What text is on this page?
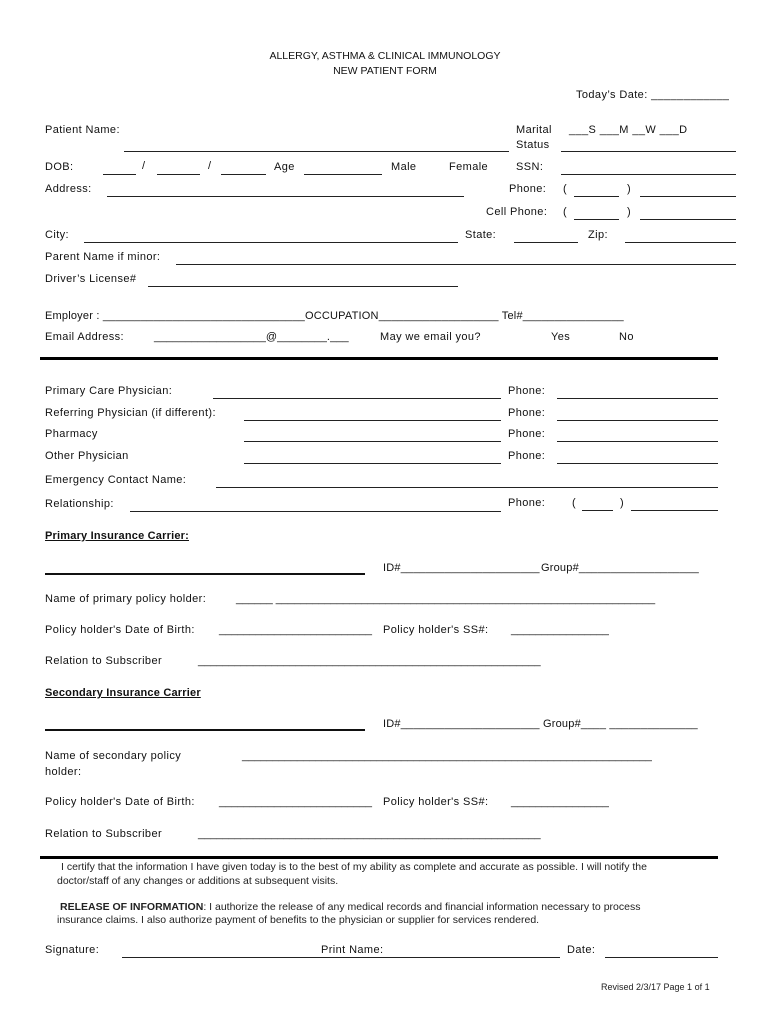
ALLERGY, ASTHMA & CLINICAL IMMUNOLOGY
NEW PATIENT FORM
Today’s Date: ____________
Patient Name:	Marital
Status
___S ___M __W ___D
DOB:	/	/	Age	Male	Female	SSN:
Address:	Phone: (	)
Cell Phone: (	)
City:	State:	Zip:
Parent Name if minor:
Driver’s License#
Employer : ________________________________OCCUPATION___________________ Tel#________________
Email Address:	__________________@________.___	May we email you?	Yes	No
Primary Care Physician:	Phone:
Referring Physician (if different):	Phone:
Pharmacy	Phone:
Other Physician	Phone:
Emergency Contact Name:
Relationship:	Phone: (	)
Primary Insurance Carrier:
ID#______________________ Group#___________________
Name of primary policy holder:	______ ______________________________________________________________
Policy holder's Date of Birth: _________________________ Policy holder's SS#: ________________
Relation to Subscriber	________________________________________________________
Secondary Insurance Carrier
ID#______________________ Group#____ ______________
Name of secondary policy
holder:
___________________________________________________________________
Policy holder's Date of Birth: _________________________ Policy holder's SS#: ________________
Relation to Subscriber	________________________________________________________
I certify that the information I have given today is to the best of my ability as complete and accurate as possible. I will notify the
doctor/staff of any changes or additions at subsequent visits.
RELEASE OF INFORMATION: I authorize the release of any medical records and financial information necessary to process
insurance claims. I also authorize payment of benefits to the physician or supplier for services rendered.
Signature:	Print Name:	Date:
Revised 2/3/17 Page 1 of 1
